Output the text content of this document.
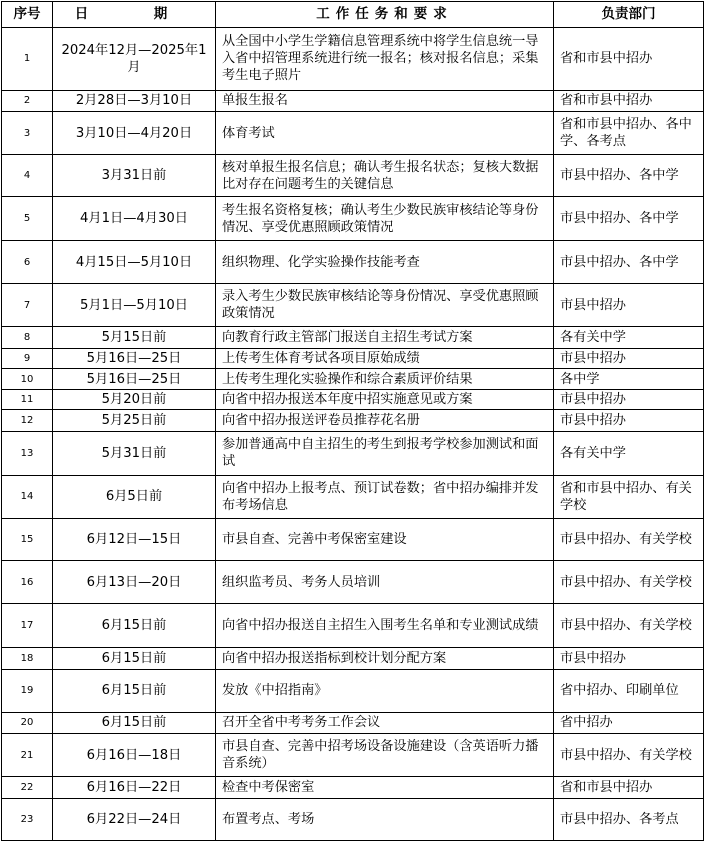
序号	日　期	工作任务和要求	负责部门
1	2024年12月—2025年1月	从全国中小学生学籍信息管理系统中将学生信息统一导入省中招管理系统进行统一报名；核对报名信息；采集考生电子照片	省和市县中招办
2	2月28日—3月10日	单报生报名	省和市县中招办
3	3月10日—4月20日	体育考试	省和市县中招办、各中学、各考点
4	3月31日前	核对单报生报名信息；确认考生报名状态；复核大数据比对存在问题考生的关键信息	市县中招办、各中学
5	4月1日—4月30日	考生报名资格复核；确认考生少数民族审核结论等身份情况、享受优惠照顾政策情况	市县中招办、各中学
6	4月15日—5月10日	组织物理、化学实验操作技能考查	市县中招办、各中学
7	5月1日—5月10日	录入考生少数民族审核结论等身份情况、享受优惠照顾政策情况	市县中招办
8	5月15日前	向教育行政主管部门报送自主招生考试方案	各有关中学
9	5月16日—25日	上传考生体育考试各项目原始成绩	市县中招办
10	5月16日—25日	上传考生理化实验操作和综合素质评价结果	各中学
11	5月20日前	向省中招办报送本年度中招实施意见或方案	市县中招办
12	5月25日前	向省中招办报送评卷员推荐花名册	市县中招办
13	5月31日前	参加普通高中自主招生的考生到报考学校参加测试和面试	各有关中学
14	6月5日前	向省中招办上报考点、预订试卷数；省中招办编排并发布考场信息	省和市县中招办、有关学校
15	6月12日—15日	市县自查、完善中考保密室建设	市县中招办、有关学校
16	6月13日—20日	组织监考员、考务人员培训	市县中招办、有关学校
17	6月15日前	向省中招办报送自主招生入围考生名单和专业测试成绩	市县中招办、有关学校
18	6月15日前	向省中招办报送指标到校计划分配方案	市县中招办
19	6月15日前	发放《中招指南》	省中招办、印刷单位
20	6月15日前	召开全省中考考务工作会议	省中招办
21	6月16日—18日	市县自查、完善中招考场设备设施建设（含英语听力播音系统）	市县中招办、有关学校
22	6月16日—22日	检查中考保密室	省和市县中招办
23	6月22日—24日	布置考点、考场	市县中招办、各考点
